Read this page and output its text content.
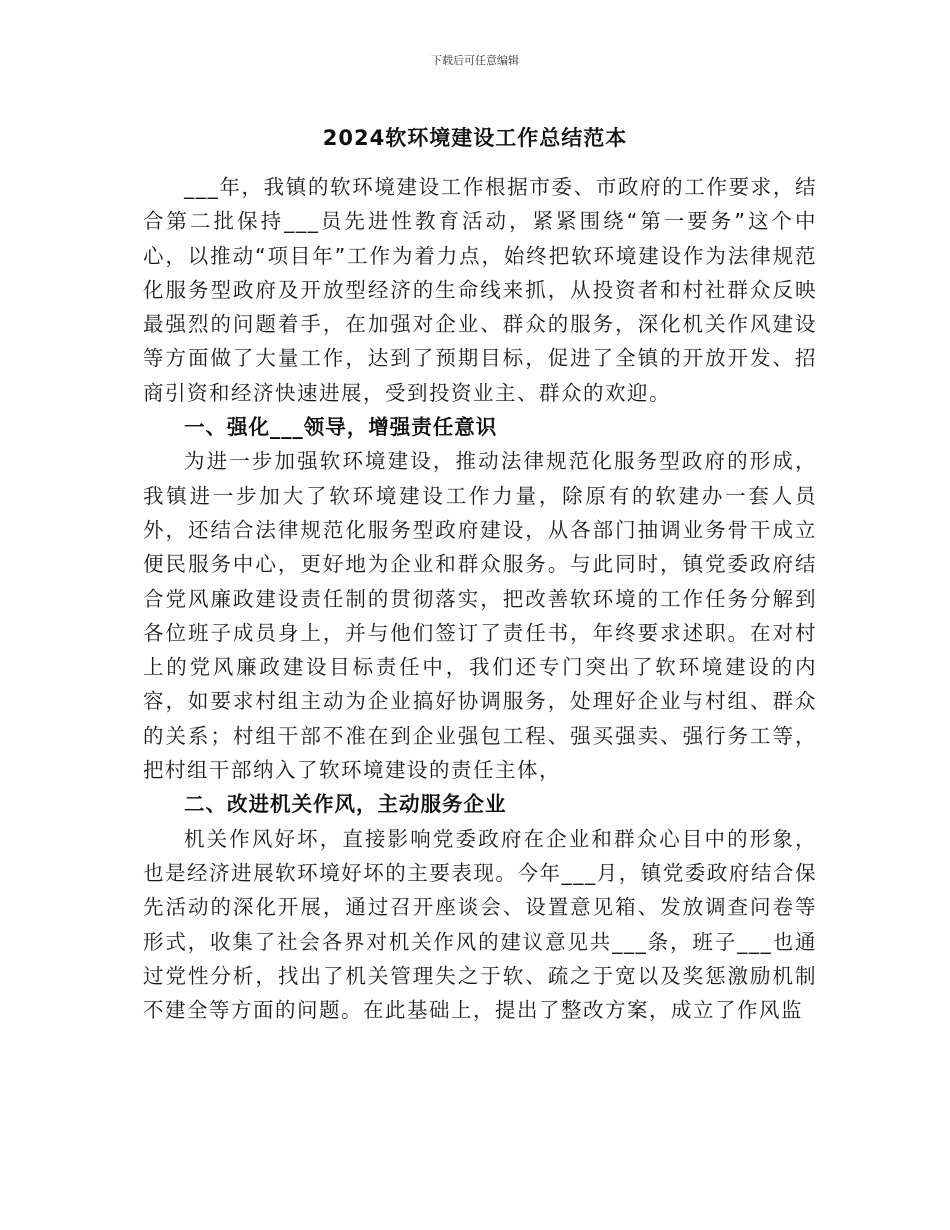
下载后可任意编辑
2024软环境建设工作总结范本

___年，我镇的软环境建设工作根据市委、市政府的工作要求，结合第二批保持___员先进性教育活动，紧紧围绕“第一要务”这个中心，以推动“项目年”工作为着力点，始终把软环境建设作为法律规范化服务型政府及开放型经济的生命线来抓，从投资者和村社群众反映最强烈的问题着手，在加强对企业、群众的服务，深化机关作风建设等方面做了大量工作，达到了预期目标，促进了全镇的开放开发、招商引资和经济快速进展，受到投资业主、群众的欢迎。

一、强化___领导，增强责任意识

为进一步加强软环境建设，推动法律规范化服务型政府的形成，我镇进一步加大了软环境建设工作力量，除原有的软建办一套人员外，还结合法律规范化服务型政府建设，从各部门抽调业务骨干成立便民服务中心，更好地为企业和群众服务。与此同时，镇党委政府结合党风廉政建设责任制的贯彻落实，把改善软环境的工作任务分解到各位班子成员身上，并与他们签订了责任书，年终要求述职。在对村上的党风廉政建设目标责任中，我们还专门突出了软环境建设的内容，如要求村组主动为企业搞好协调服务，处理好企业与村组、群众的关系；村组干部不准在到企业强包工程、强买强卖、强行务工等，把村组干部纳入了软环境建设的责任主体，

二、改进机关作风，主动服务企业

机关作风好坏，直接影响党委政府在企业和群众心目中的形象，也是经济进展软环境好坏的主要表现。今年___月，镇党委政府结合保先活动的深化开展，通过召开座谈会、设置意见箱、发放调查问卷等形式，收集了社会各界对机关作风的建议意见共___条，班子___也通过党性分析，找出了机关管理失之于软、疏之于宽以及奖惩激励机制不建全等方面的问题。在此基础上，提出了整改方案，成立了作风监
